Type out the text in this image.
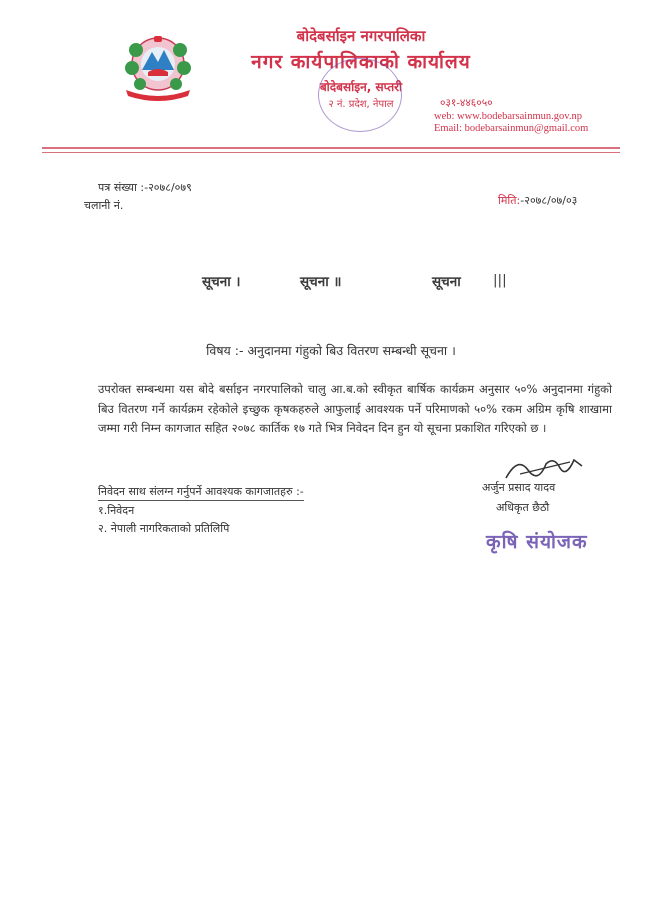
बोदेबर्साइन नगरपालिका
नगर कार्यपालिकाको कार्यालय
बोदेबर्साइन, सप्तरी
२ नं. प्रदेश, नेपाल	०३१-४४६०५०
web: www.bodebarsainmun.gov.np
Email: bodebarsainmun@gmail.com
पत्र संख्या :-२०७८/०७९
चलानी नं.	मिति:-२०७८/०७/०३
सूचना ।	सूचना ॥	सूचना |||
विषय :- अनुदानमा गंहुको बिउ वितरण सम्बन्धी सूचना ।
उपरोक्त सम्बन्धमा यस बोदे बर्साइन नगरपालिको चालु आ.ब.को स्वीकृत बार्षिक कार्यक्रम अनुसार ५०% अनुदानमा गंहुको बिउ वितरण गर्ने कार्यक्रम रहेकोले इच्छुक कृषकहरुले आफुलाई आवश्यक पर्ने परिमाणको ५०% रकम अग्रिम कृषि शाखामा जम्मा गरी निम्न कागजात सहित २०७८ कार्तिक १७ गते भित्र निवेदन दिन हुन यो सूचना प्रकाशित गरिएको छ ।
अर्जुन प्रसाद यादव
अधिकृत छैठौ
कृषि संयोजक
निवेदन साथ संलग्न गर्नुपर्ने आवश्यक कागजातहरु :-
१.निवेदन
२. नेपाली नागरिकताको प्रतिलिपि
